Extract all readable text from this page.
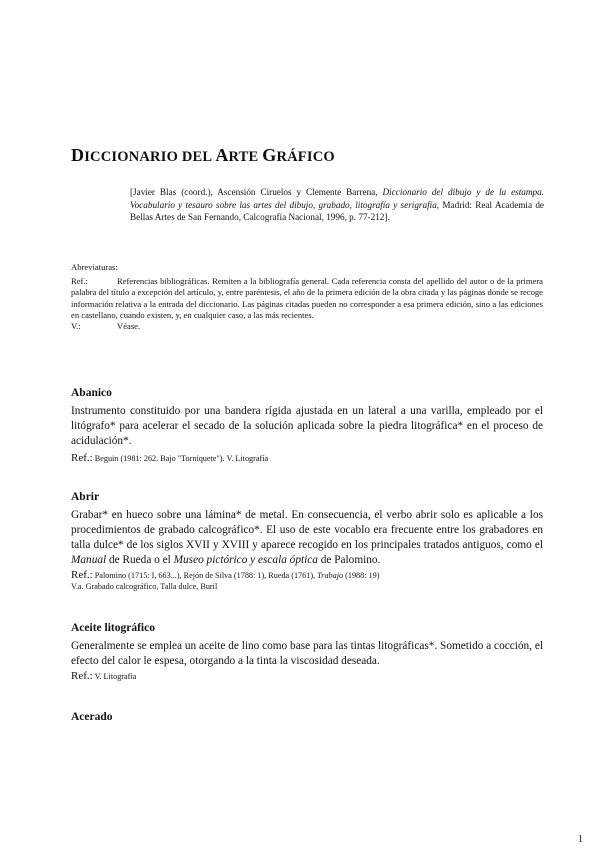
DICCIONARIO DEL ARTE GRÁFICO
[Javier Blas (coord.), Ascensión Ciruelos y Clemente Barrena, Diccionario del dibujo y de la estampa. Vocabulario y tesauro sobre las artes del dibujo, grabado, litografía y serigrafía, Madrid: Real Academia de Bellas Artes de San Fernando, Calcografía Nacional, 1996, p. 77-212].
Abreviaturas:
Ref.:	Referencias bibliográficas. Remiten a la bibliografía general. Cada referencia consta del apellido del autor o de la primera palabra del título a excepción del artículo, y, entre paréntesis, el año de la primera edición de la obra citada y las páginas donde se recoge información relativa a la entrada del diccionario. Las páginas citadas pueden no corresponder a esa primera edición, sino a las ediciones en castellano, cuando existen, y, en cualquier caso, a las más recientes.
V.:	Véase.
Abanico
Instrumento constituido por una bandera rígida ajustada en un lateral a una varilla, empleado por el litógrafo* para acelerar el secado de la solución aplicada sobre la piedra litográfica* en el proceso de acidulación*.
Ref.: Beguin (1981: 262. Bajo "Torniquete"). V. Litografía
Abrir
Grabar* en hueco sobre una lámina* de metal. En consecuencia, el verbo abrir solo es aplicable a los procedimientos de grabado calcográfico*. El uso de este vocablo era frecuente entre los grabadores en talla dulce* de los siglos XVII y XVIII y aparece recogido en los principales tratados antiguos, como el Manual de Rueda o el Museo pictórico y escala óptica de Palomino.
Ref.: Palomino (1715: I, 663...), Rejón de Silva (1788: 1), Rueda (1761), Trabajo (1988: 19)
V.a. Grabado calcográfico, Talla dulce, Buril
Aceite litográfico
Generalmente se emplea un aceite de lino como base para las tintas litográficas*. Sometido a cocción, el efecto del calor le espesa, otorgando a la tinta la viscosidad deseada.
Ref.: V. Litografía
Acerado
1
